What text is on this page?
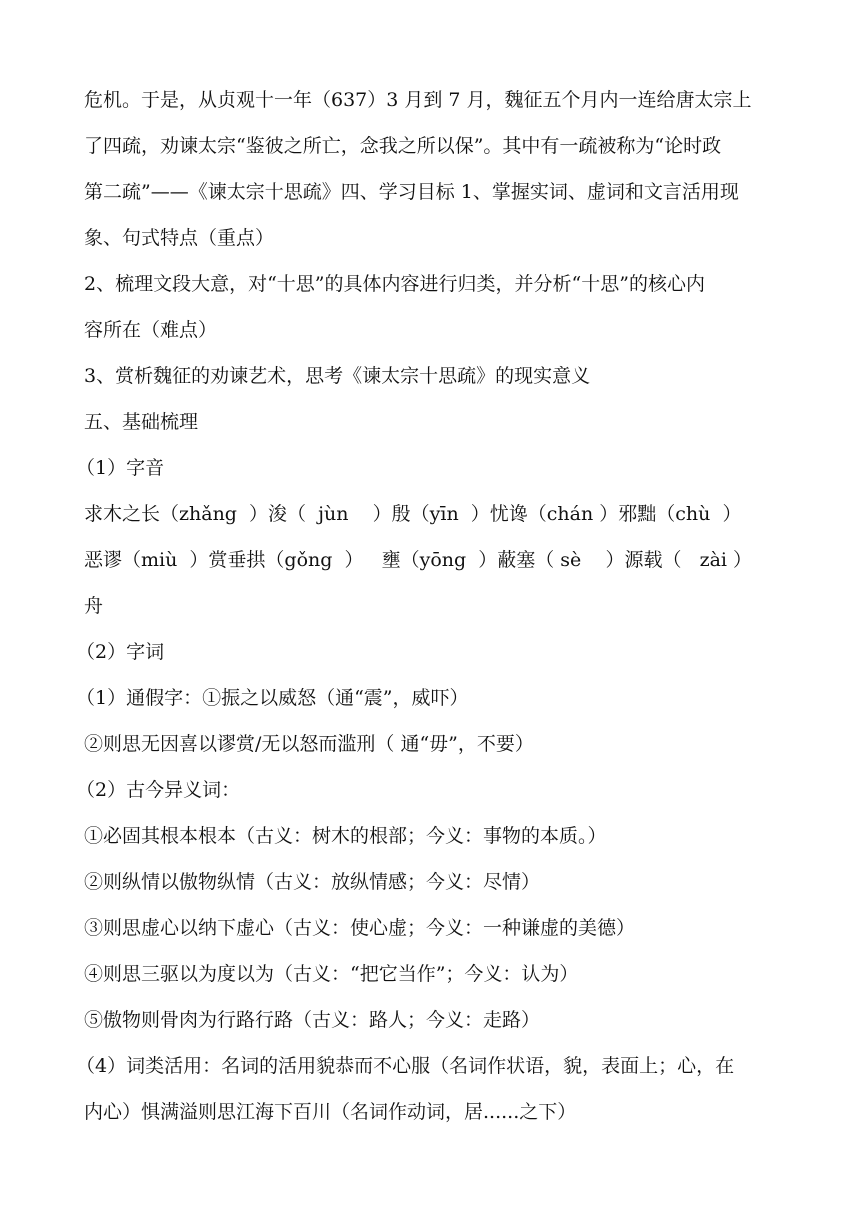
危机。于是，从贞观十一年（637）3 月到 7 月，魏征五个月内一连给唐太宗上
了四疏，劝谏太宗“鉴彼之所亡，念我之所以保”。其中有一疏被称为“论时政
第二疏”——《谏太宗十思疏》四、学习目标 1、掌握实词、虚词和文言活用现
象、句式特点（重点）
2、梳理文段大意，对“十思”的具体内容进行归类，并分析“十思”的核心内
容所在（难点）
3、赏析魏征的劝谏艺术，思考《谏太宗十思疏》的现实意义
五、基础梳理
（1）字音
求木之长（zhǎng  ）浚（  jùn    ）殷（yīn  ）忧谗（chán ）邪黜（chù  ）
恶谬（miù  ）赏垂拱（gǒng  ）   壅（yōng  ）蔽塞（ sè    ）源载（   zài ）
舟
（2）字词
（1）通假字：①振之以威怒（通“震”，威吓）
②则思无因喜以谬赏/无以怒而滥刑（ 通“毋”，不要）
（2）古今异义词：
①必固其根本根本（古义：树木的根部；今义：事物的本质。）
②则纵情以傲物纵情（古义：放纵情感；今义：尽情）
③则思虚心以纳下虚心（古义：使心虚；今义：一种谦虚的美德）
④则思三驱以为度以为（古义：“把它当作”；今义：认为）
⑤傲物则骨肉为行路行路（古义：路人；今义：走路）
（4）词类活用：名词的活用貌恭而不心服（名词作状语，貌，表面上；心，在
内心）惧满溢则思江海下百川（名词作动词，居......之下）
